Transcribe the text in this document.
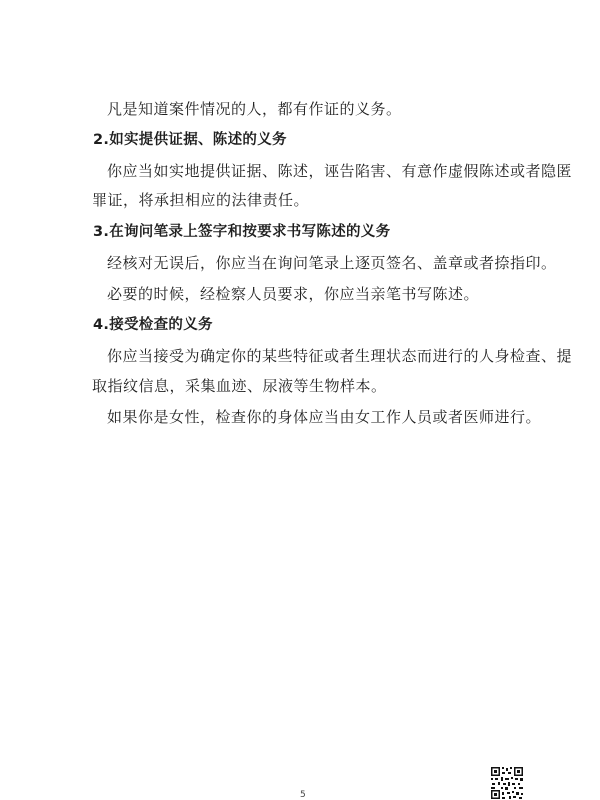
凡是知道案件情况的人，都有作证的义务。
2.如实提供证据、陈述的义务
你应当如实地提供证据、陈述，诬告陷害、有意作虚假陈述或者隐匿
罪证，将承担相应的法律责任。
3.在询问笔录上签字和按要求书写陈述的义务
经核对无误后，你应当在询问笔录上逐页签名、盖章或者捺指印。
必要的时候，经检察人员要求，你应当亲笔书写陈述。
4.接受检查的义务
你应当接受为确定你的某些特征或者生理状态而进行的人身检查、提
取指纹信息，采集血迹、尿液等生物样本。
如果你是女性，检查你的身体应当由女工作人员或者医师进行。
5
